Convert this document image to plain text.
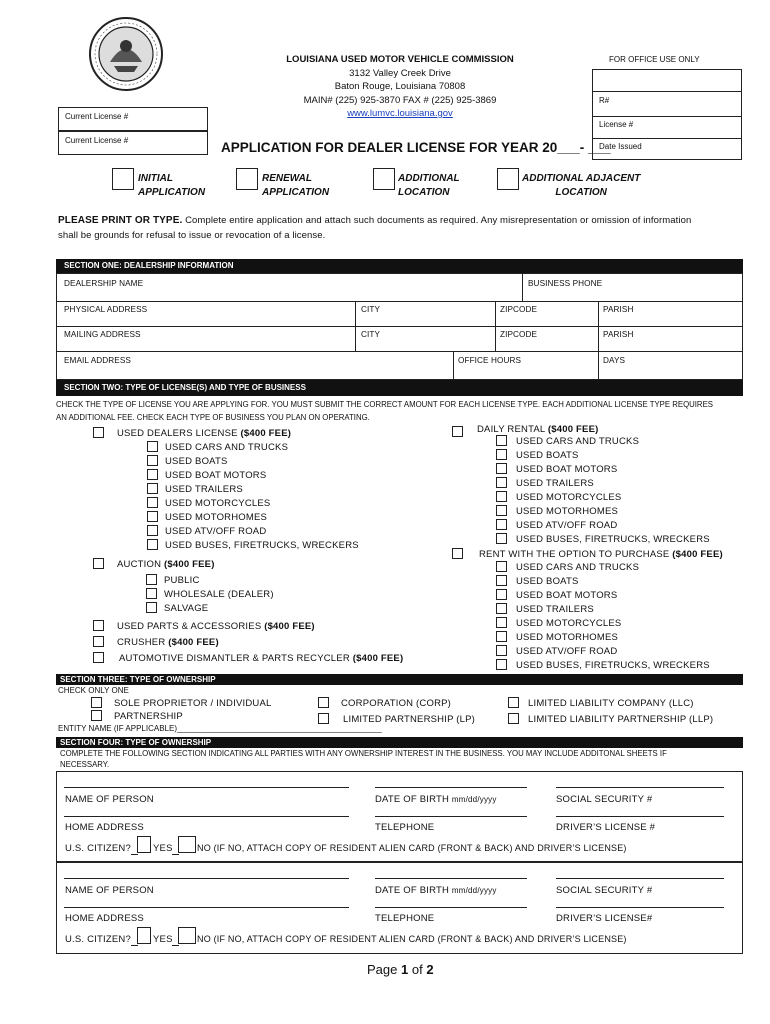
LOUISIANA USED MOTOR VEHICLE COMMISSION
3132 Valley Creek Drive
Baton Rouge, Louisiana 70808
MAIN# (225) 925-3870 FAX # (225) 925-3869
www.lumvc.louisiana.gov
APPLICATION FOR DEALER LICENSE FOR YEAR 20___- ___
Current License #
Current License #
FOR OFFICE USE ONLY
R#
License #
Date Issued
INITIAL
APPLICATION
RENEWAL
APPLICATION
ADDITIONAL
LOCATION
ADDITIONAL ADJACENT
LOCATION
PLEASE PRINT OR TYPE. Complete entire application and attach such documents as required. Any misrepresentation or omission of information
shall be grounds for refusal to issue or revocation of a license.
SECTION ONE: DEALERSHIP INFORMATION
DEALERSHIP NAME	BUSINESS PHONE
PHYSICAL ADDRESS	CITY	ZIPCODE	PARISH
MAILING ADDRESS	CITY	ZIPCODE	PARISH
EMAIL ADDRESS	OFFICE HOURS	DAYS
SECTION TWO: TYPE OF LICENSE(S) AND TYPE OF BUSINESS
CHECK THE TYPE OF LICENSE YOU ARE APPLYING FOR. YOU MUST SUBMIT THE CORRECT AMOUNT FOR EACH LICENSE TYPE. EACH ADDITIONAL LICENSE TYPE REQUIRES
AN ADDITIONAL FEE. CHECK EACH TYPE OF BUSINESS YOU PLAN ON OPERATING.
USED DEALERS LICENSE ($400 FEE)
USED CARS AND TRUCKS
USED BOATS
USED BOAT MOTORS
USED TRAILERS
USED MOTORCYCLES
USED MOTORHOMES
USED ATV/OFF ROAD
USED BUSES, FIRETRUCKS, WRECKERS
AUCTION ($400 FEE)
PUBLIC
WHOLESALE (DEALER)
SALVAGE
USED PARTS & ACCESSORIES ($400 FEE)
CRUSHER ($400 FEE)
AUTOMOTIVE DISMANTLER & PARTS RECYCLER ($400 FEE)
DAILY RENTAL ($400 FEE)
USED CARS AND TRUCKS
USED BOATS
USED BOAT MOTORS
USED TRAILERS
USED MOTORCYCLES
USED MOTORHOMES
USED ATV/OFF ROAD
USED BUSES, FIRETRUCKS, WRECKERS
RENT WITH THE OPTION TO PURCHASE ($400 FEE)
USED CARS AND TRUCKS
USED BOATS
USED BOAT MOTORS
USED TRAILERS
USED MOTORCYCLES
USED MOTORHOMES
USED ATV/OFF ROAD
USED BUSES, FIRETRUCKS, WRECKERS
SECTION THREE: TYPE OF OWNERSHIP
CHECK ONLY ONE
SOLE PROPRIETOR / INDIVIDUAL
PARTNERSHIP
CORPORATION (CORP)
LIMITED PARTNERSHIP (LP)
LIMITED LIABILITY COMPANY (LLC)
LIMITED LIABILITY PARTNERSHIP (LLP)
ENTITY NAME (IF APPLICABLE)______________________________________________
SECTION FOUR: TYPE OF OWNERSHIP
COMPLETE THE FOLLOWING SECTION INDICATING ALL PARTIES WITH ANY OWNERSHIP INTEREST IN THE BUSINESS. YOU MAY INCLUDE ADDITONAL SHEETS IF
NECESSARY.
NAME OF PERSON	DATE OF BIRTH mm/dd/yyyy	SOCIAL SECURITY #
HOME ADDRESS	TELEPHONE	DRIVER’S LICENSE #
U.S. CITIZEN? YES	NO (IF NO, ATTACH COPY OF RESIDENT ALIEN CARD (FRONT & BACK) AND DRIVER’S LICENSE)
NAME OF PERSON	DATE OF BIRTH mm/dd/yyyy	SOCIAL SECURITY #
HOME ADDRESS	TELEPHONE	DRIVER’S LICENSE#
U.S. CITIZEN? YES	NO (IF NO, ATTACH COPY OF RESIDENT ALIEN CARD (FRONT & BACK) AND DRIVER’S LICENSE)
Page 1 of 2
